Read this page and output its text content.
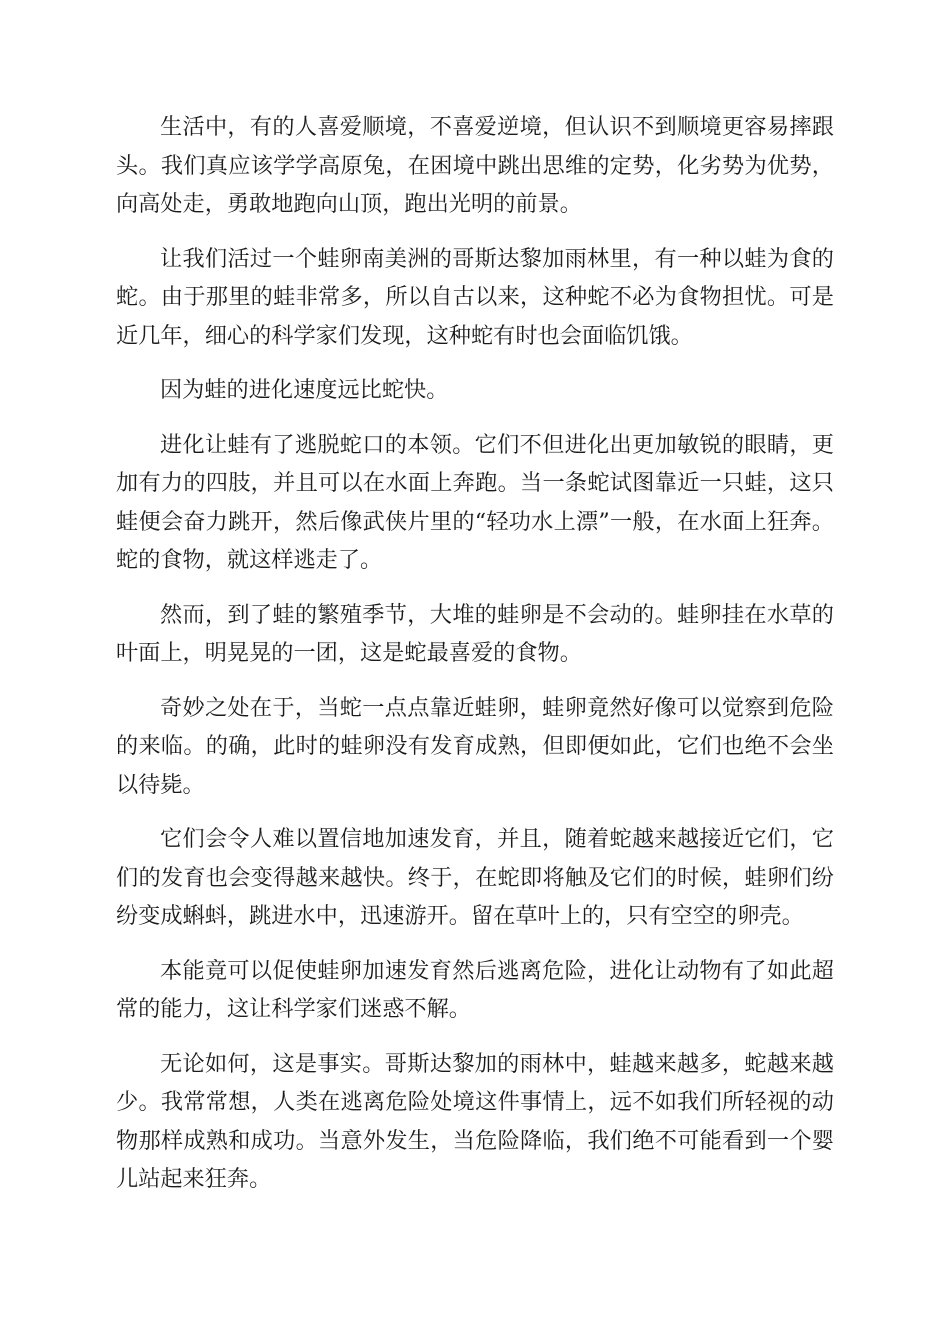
生活中，有的人喜爱顺境，不喜爱逆境，但认识不到顺境更容易摔跟头。我们真应该学学高原兔，在困境中跳出思维的定势，化劣势为优势，向高处走，勇敢地跑向山顶，跑出光明的前景。

让我们活过一个蛙卵南美洲的哥斯达黎加雨林里，有一种以蛙为食的蛇。由于那里的蛙非常多，所以自古以来，这种蛇不必为食物担忧。可是近几年，细心的科学家们发现，这种蛇有时也会面临饥饿。

因为蛙的进化速度远比蛇快。

进化让蛙有了逃脱蛇口的本领。它们不但进化出更加敏锐的眼睛，更加有力的四肢，并且可以在水面上奔跑。当一条蛇试图靠近一只蛙，这只蛙便会奋力跳开，然后像武侠片里的“轻功水上漂”一般，在水面上狂奔。蛇的食物，就这样逃走了。

然而，到了蛙的繁殖季节，大堆的蛙卵是不会动的。蛙卵挂在水草的叶面上，明晃晃的一团，这是蛇最喜爱的食物。

奇妙之处在于，当蛇一点点靠近蛙卵，蛙卵竟然好像可以觉察到危险的来临。的确，此时的蛙卵没有发育成熟，但即便如此，它们也绝不会坐以待毙。

它们会令人难以置信地加速发育，并且，随着蛇越来越接近它们，它们的发育也会变得越来越快。终于，在蛇即将触及它们的时候，蛙卵们纷纷变成蝌蚪，跳进水中，迅速游开。留在草叶上的，只有空空的卵壳。

本能竟可以促使蛙卵加速发育然后逃离危险，进化让动物有了如此超常的能力，这让科学家们迷惑不解。

无论如何，这是事实。哥斯达黎加的雨林中，蛙越来越多，蛇越来越少。我常常想，人类在逃离危险处境这件事情上，远不如我们所轻视的动物那样成熟和成功。当意外发生，当危险降临，我们绝不可能看到一个婴儿站起来狂奔。
